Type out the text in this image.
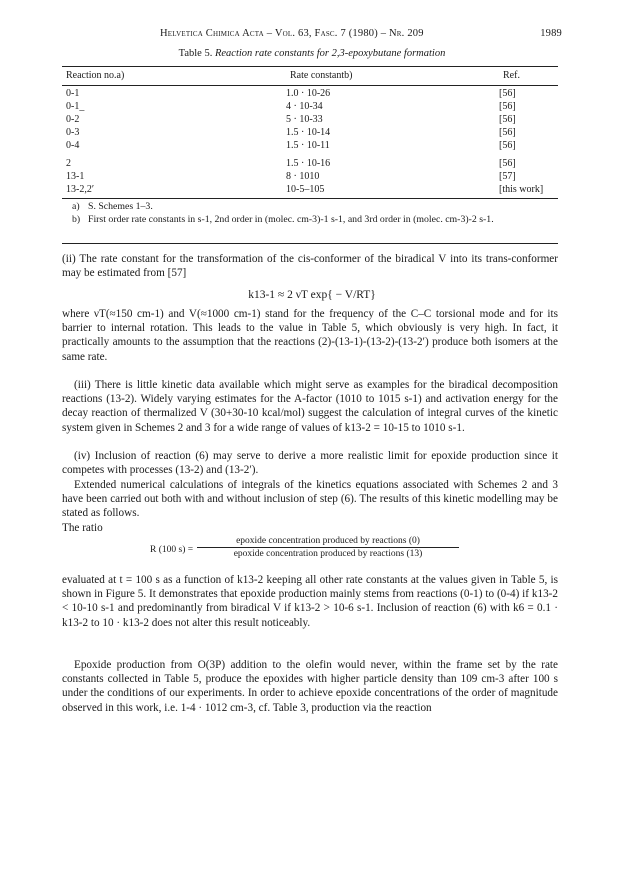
Helvetica Chimica Acta – Vol. 63, Fasc. 7 (1980) – Nr. 209	1989
Table 5. Reaction rate constants for 2,3-epoxybutane formation
Reaction no.a)	Rate constantb)	Ref.
0-1	1.0 · 10-26	[56]
0-1_	4 · 10-34	[56]
0-2	5 · 10-33	[56]
0-3	1.5 · 10-14	[56]
0-4	1.5 · 10-11	[56]
2	1.5 · 10-16	[56]
13-1	8 · 1010	[57]
13-2,2′	10-5–105	[this work]
a) S. Schemes 1–3.
b) First order rate constants in s-1, 2nd order in (molec. cm-3)-1 s-1, and 3rd order in (molec. cm-3)-2 s-1.

(ii) The rate constant for the transformation of the cis-conformer of the biradical V into its trans-conformer may be estimated from [57]

k13-1 ≈ 2 νT exp{ − V/RT}

where νT(≈150 cm-1) and V(≈1000 cm-1) stand for the frequency of the C–C torsional mode and for its barrier to internal rotation. This leads to the value in Table 5, which obviously is very high. In fact, it practically amounts to the assumption that the reactions (2)-(13-1)-(13-2)-(13-2′) produce both isomers at the same rate.

(iii) There is little kinetic data available which might serve as examples for the biradical decomposition reactions (13-2). Widely varying estimates for the A-factor (1010 to 1015 s-1) and activation energy for the decay reaction of thermalized V (30+30-10 kcal/mol) suggest the calculation of integral curves of the kinetic system given in Schemes 2 and 3 for a wide range of values of k13-2 = 10-15 to 1010 s-1.

(iv) Inclusion of reaction (6) may serve to derive a more realistic limit for epoxide production since it competes with processes (13-2) and (13-2′).

Extended numerical calculations of integrals of the kinetics equations associated with Schemes 2 and 3 have been carried out both with and without inclusion of step (6). The results of this kinetic modelling may be stated as follows.

The ratio

R (100 s) =
epoxide concentration produced by reactions (0)
epoxide concentration produced by reactions (13)

evaluated at t = 100 s as a function of k13-2 keeping all other rate constants at the values given in Table 5, is shown in Figure 5. It demonstrates that epoxide production mainly stems from reactions (0-1) to (0-4) if k13-2 < 10-10 s-1 and predominantly from biradical V if k13-2 > 10-6 s-1. Inclusion of reaction (6) with k6 = 0.1 · k13-2 to 10 · k13-2 does not alter this result noticeably.

Epoxide production from O(3P) addition to the olefin would never, within the frame set by the rate constants collected in Table 5, produce the epoxides with higher particle density than 109 cm-3 after 100 s under the conditions of our experiments. In order to achieve epoxide concentrations of the order of magnitude observed in this work, i.e. 1-4 · 1012 cm-3, cf. Table 3, production via the reaction
